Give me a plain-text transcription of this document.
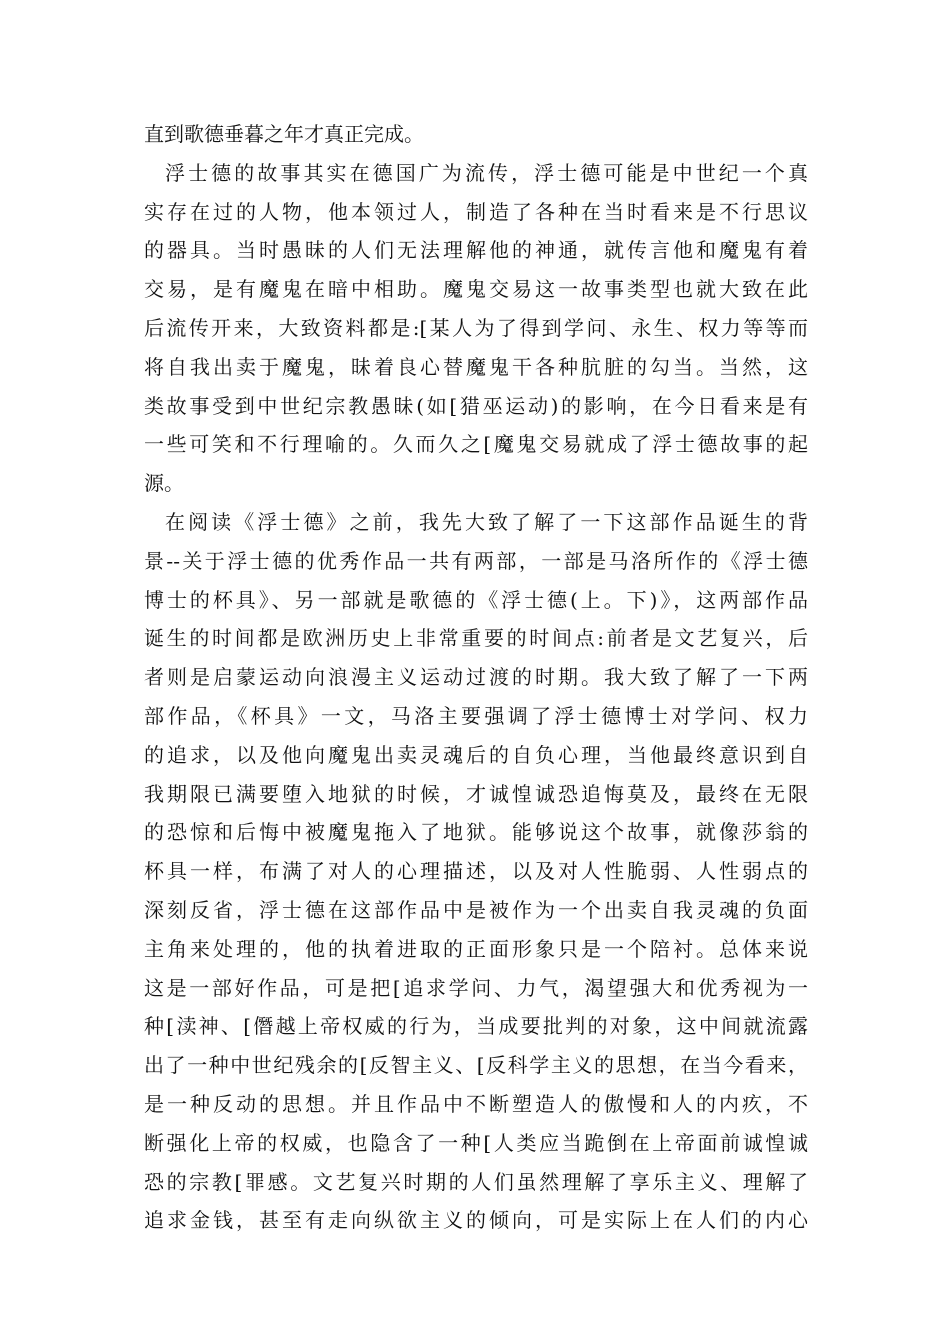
直到歌德垂暮之年才真正完成。
浮士德的故事其实在德国广为流传，浮士德可能是中世纪一个真
实存在过的人物，他本领过人，制造了各种在当时看来是不行思议
的器具。当时愚昧的人们无法理解他的神通，就传言他和魔鬼有着
交易，是有魔鬼在暗中相助。魔鬼交易这一故事类型也就大致在此
后流传开来，大致资料都是:[某人为了得到学问、永生、权力等等而
将自我出卖于魔鬼，昧着良心替魔鬼干各种肮脏的勾当。当然，这
类故事受到中世纪宗教愚昧(如[猎巫运动)的影响，在今日看来是有
一些可笑和不行理喻的。久而久之[魔鬼交易就成了浮士德故事的起
源。
在阅读《浮士德》之前，我先大致了解了一下这部作品诞生的背
景--关于浮士德的优秀作品一共有两部，一部是马洛所作的《浮士德
博士的杯具》、另一部就是歌德的《浮士德(上。下)》，这两部作品
诞生的时间都是欧洲历史上非常重要的时间点:前者是文艺复兴，后
者则是启蒙运动向浪漫主义运动过渡的时期。我大致了解了一下两
部作品，《杯具》一文，马洛主要强调了浮士德博士对学问、权力
的追求，以及他向魔鬼出卖灵魂后的自负心理，当他最终意识到自
我期限已满要堕入地狱的时候，才诚惶诚恐追悔莫及，最终在无限
的恐惊和后悔中被魔鬼拖入了地狱。能够说这个故事，就像莎翁的
杯具一样，布满了对人的心理描述，以及对人性脆弱、人性弱点的
深刻反省，浮士德在这部作品中是被作为一个出卖自我灵魂的负面
主角来处理的，他的执着进取的正面形象只是一个陪衬。总体来说
这是一部好作品，可是把[追求学问、力气，渴望强大和优秀视为一
种[渎神、[僭越上帝权威的行为，当成要批判的对象，这中间就流露
出了一种中世纪残余的[反智主义、[反科学主义的思想，在当今看来，
是一种反动的思想。并且作品中不断塑造人的傲慢和人的内疚，不
断强化上帝的权威，也隐含了一种[人类应当跪倒在上帝面前诚惶诚
恐的宗教[罪感。文艺复兴时期的人们虽然理解了享乐主义、理解了
追求金钱，甚至有走向纵欲主义的倾向，可是实际上在人们的内心
